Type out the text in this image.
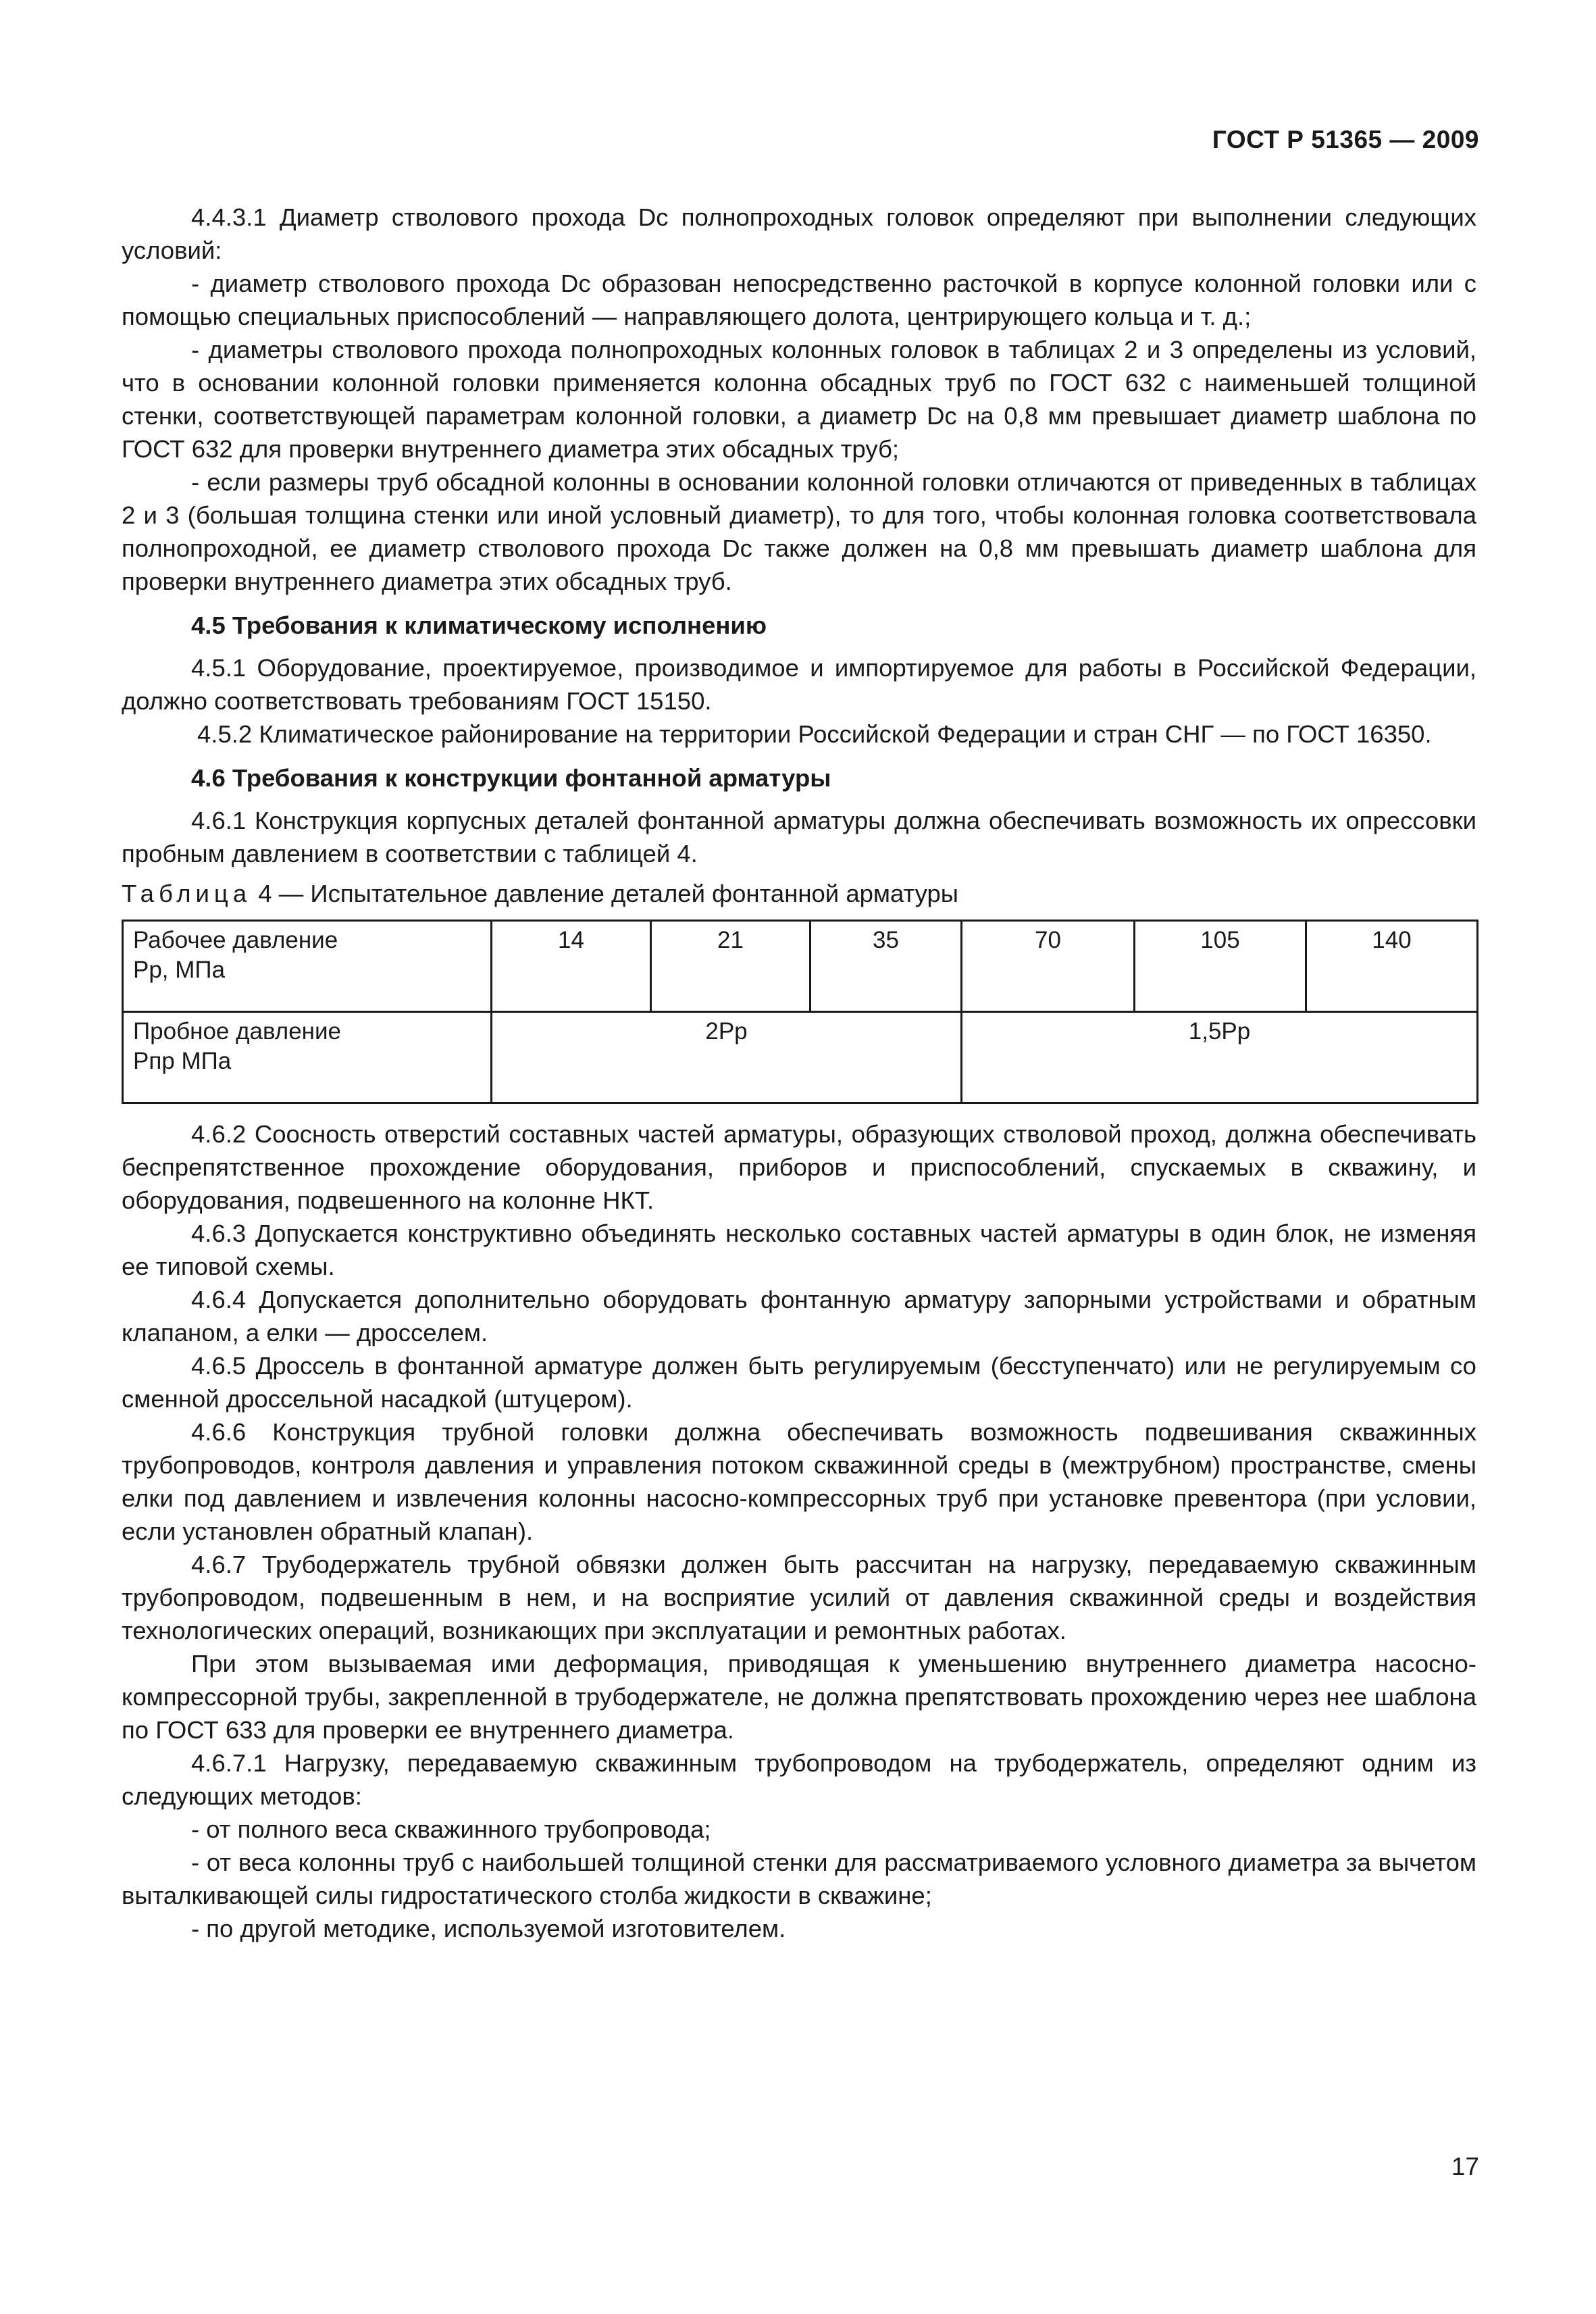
ГОСТ Р 51365 — 2009

4.4.3.1 Диаметр стволового прохода Dc полнопроходных головок определяют при выполнении следующих условий:

- диаметр стволового прохода Dc образован непосредственно расточкой в корпусе колонной головки или с помощью специальных приспособлений — направляющего долота, центрирующего кольца и т. д.;

- диаметры стволового прохода полнопроходных колонных головок в таблицах 2 и 3 определены из условий, что в основании колонной головки применяется колонна обсадных труб по ГОСТ 632 с наименьшей толщиной стенки, соответствующей параметрам колонной головки, а диаметр Dc на 0,8 мм превышает диаметр шаблона по ГОСТ 632 для проверки внутреннего диаметра этих обсадных труб;

- если размеры труб обсадной колонны в основании колонной головки отличаются от приведенных в таблицах 2 и 3 (большая толщина стенки или иной условный диаметр), то для того, чтобы колонная головка соответствовала полнопроходной, ее диаметр стволового прохода Dc также должен на 0,8 мм превышать диаметр шаблона для проверки внутреннего диаметра этих обсадных труб.

4.5 Требования к климатическому исполнению

4.5.1 Оборудование, проектируемое, производимое и импортируемое для работы в Российской Федерации, должно соответствовать требованиям ГОСТ 15150.

4.5.2 Климатическое районирование на территории Российской Федерации и стран СНГ — по ГОСТ 16350.

4.6 Требования к конструкции фонтанной арматуры

4.6.1 Конструкция корпусных деталей фонтанной арматуры должна обеспечивать возможность их опрессовки пробным давлением в соответствии с таблицей 4.

Таблица 4 — Испытательное давление деталей фонтанной арматуры

Рабочее давление
Pр, МПа	14	21	35	70	105	140

Пробное давление
Pпр МПа	2Pр			1,5Pр		

4.6.2 Соосность отверстий составных частей арматуры, образующих стволовой проход, должна обеспечивать беспрепятственное прохождение оборудования, приборов и приспособлений, спускаемых в скважину, и оборудования, подвешенного на колонне НКТ.

4.6.3 Допускается конструктивно объединять несколько составных частей арматуры в один блок, не изменяя ее типовой схемы.

4.6.4 Допускается дополнительно оборудовать фонтанную арматуру запорными устройствами и обратным клапаном, а елки — дросселем.

4.6.5 Дроссель в фонтанной арматуре должен быть регулируемым (бесступенчато) или не регулируемым со сменной дроссельной насадкой (штуцером).

4.6.6 Конструкция трубной головки должна обеспечивать возможность подвешивания скважинных трубопроводов, контроля давления и управления потоком скважинной среды в (межтрубном) пространстве, смены елки под давлением и извлечения колонны насосно-компрессорных труб при установке превентора (при условии, если установлен обратный клапан).

4.6.7 Трубодержатель трубной обвязки должен быть рассчитан на нагрузку, передаваемую скважинным трубопроводом, подвешенным в нем, и на восприятие усилий от давления скважинной среды и воздействия технологических операций, возникающих при эксплуатации и ремонтных работах.

При этом вызываемая ими деформация, приводящая к уменьшению внутреннего диаметра насосно-компрессорной трубы, закрепленной в трубодержателе, не должна препятствовать прохождению через нее шаблона по ГОСТ 633 для проверки ее внутреннего диаметра.

4.6.7.1 Нагрузку, передаваемую скважинным трубопроводом на трубодержатель, определяют одним из следующих методов:

- от полного веса скважинного трубопровода;

- от веса колонны труб с наибольшей толщиной стенки для рассматриваемого условного диаметра за вычетом выталкивающей силы гидростатического столба жидкости в скважине;

- по другой методике, используемой изготовителем.

17
